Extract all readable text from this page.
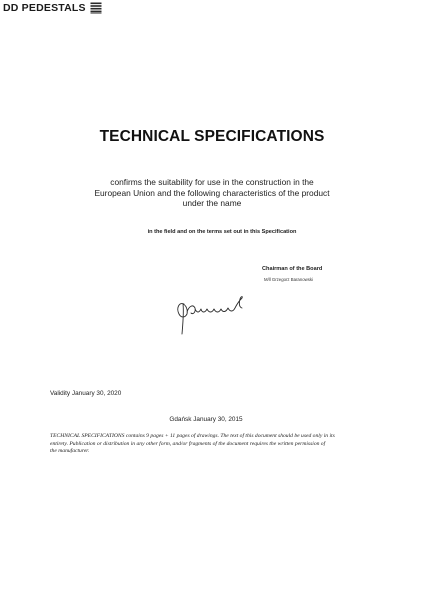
DD PEDESTALS
TECHNICAL SPECIFICATIONS
confirms the suitability for use in the construction in the
European Union and the following characteristics of the product
under the name
in the field and on the terms set out in this Specification
Chairman of the Board
M/ll Grzegorz Baranowski
Validity January 30, 2020
Gdańsk January 30, 2015
TECHNICAL SPECIFICATIONS contains 9 pages + 11 pages of drawings. The text of this document should be used only in its
entirety. Publication or distribution in any other form, and/or fragments of the document requires the written permission of
the manufacturer.
